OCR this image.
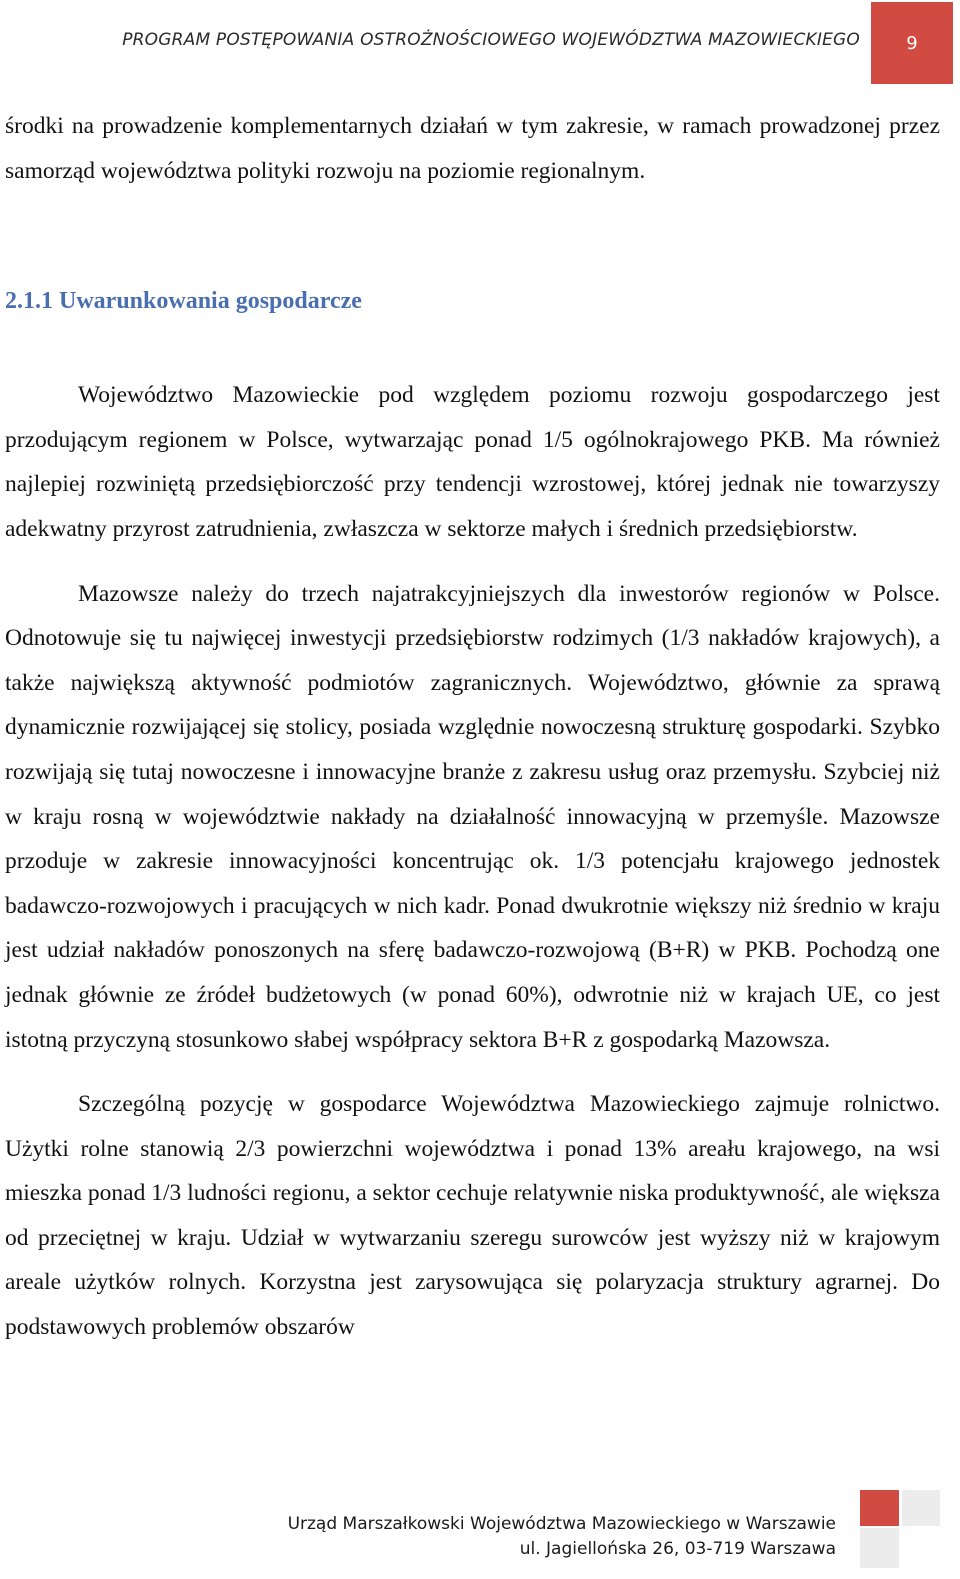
PROGRAM POSTĘPOWANIA OSTROŻNOŚCIOWEGO WOJEWÓDZTWA MAZOWIECKIEGO	9

środki na prowadzenie komplementarnych działań w tym zakresie, w ramach prowadzonej przez samorząd województwa polityki rozwoju na poziomie regionalnym.

2.1.1 Uwarunkowania gospodarcze

Województwo Mazowieckie pod względem poziomu rozwoju gospodarczego jest przodującym regionem w Polsce, wytwarzając ponad 1/5 ogólnokrajowego PKB. Ma również najlepiej rozwiniętą przedsiębiorczość przy tendencji wzrostowej, której jednak nie towarzyszy adekwatny przyrost zatrudnienia, zwłaszcza w sektorze małych i średnich przedsiębiorstw.

Mazowsze należy do trzech najatrakcyjniejszych dla inwestorów regionów w Polsce. Odnotowuje się tu najwięcej inwestycji przedsiębiorstw rodzimych (1/3 nakładów krajowych), a także największą aktywność podmiotów zagranicznych. Województwo, głównie za sprawą dynamicznie rozwijającej się stolicy, posiada względnie nowoczesną strukturę gospodarki. Szybko rozwijają się tutaj nowoczesne i innowacyjne branże z zakresu usług oraz przemysłu. Szybciej niż w kraju rosną w województwie nakłady na działalność innowacyjną w przemyśle. Mazowsze przoduje w zakresie innowacyjności koncentrując ok. 1/3 potencjału krajowego jednostek badawczo-rozwojowych i pracujących w nich kadr. Ponad dwukrotnie większy niż średnio w kraju jest udział nakładów ponoszonych na sferę badawczo-rozwojową (B+R) w PKB. Pochodzą one jednak głównie ze źródeł budżetowych (w ponad 60%), odwrotnie niż w krajach UE, co jest istotną przyczyną stosunkowo słabej współpracy sektora B+R z gospodarką Mazowsza.

Szczególną pozycję w gospodarce Województwa Mazowieckiego zajmuje rolnictwo. Użytki rolne stanowią 2/3 powierzchni województwa i ponad 13% areału krajowego, na wsi mieszka ponad 1/3 ludności regionu, a sektor cechuje relatywnie niska produktywność, ale większa od przeciętnej w kraju. Udział w wytwarzaniu szeregu surowców jest wyższy niż w krajowym areale użytków rolnych. Korzystna jest zarysowująca się polaryzacja struktury agrarnej. Do podstawowych problemów obszarów

Urząd Marszałkowski Województwa Mazowieckiego w Warszawie
ul. Jagiellońska 26, 03-719 Warszawa
